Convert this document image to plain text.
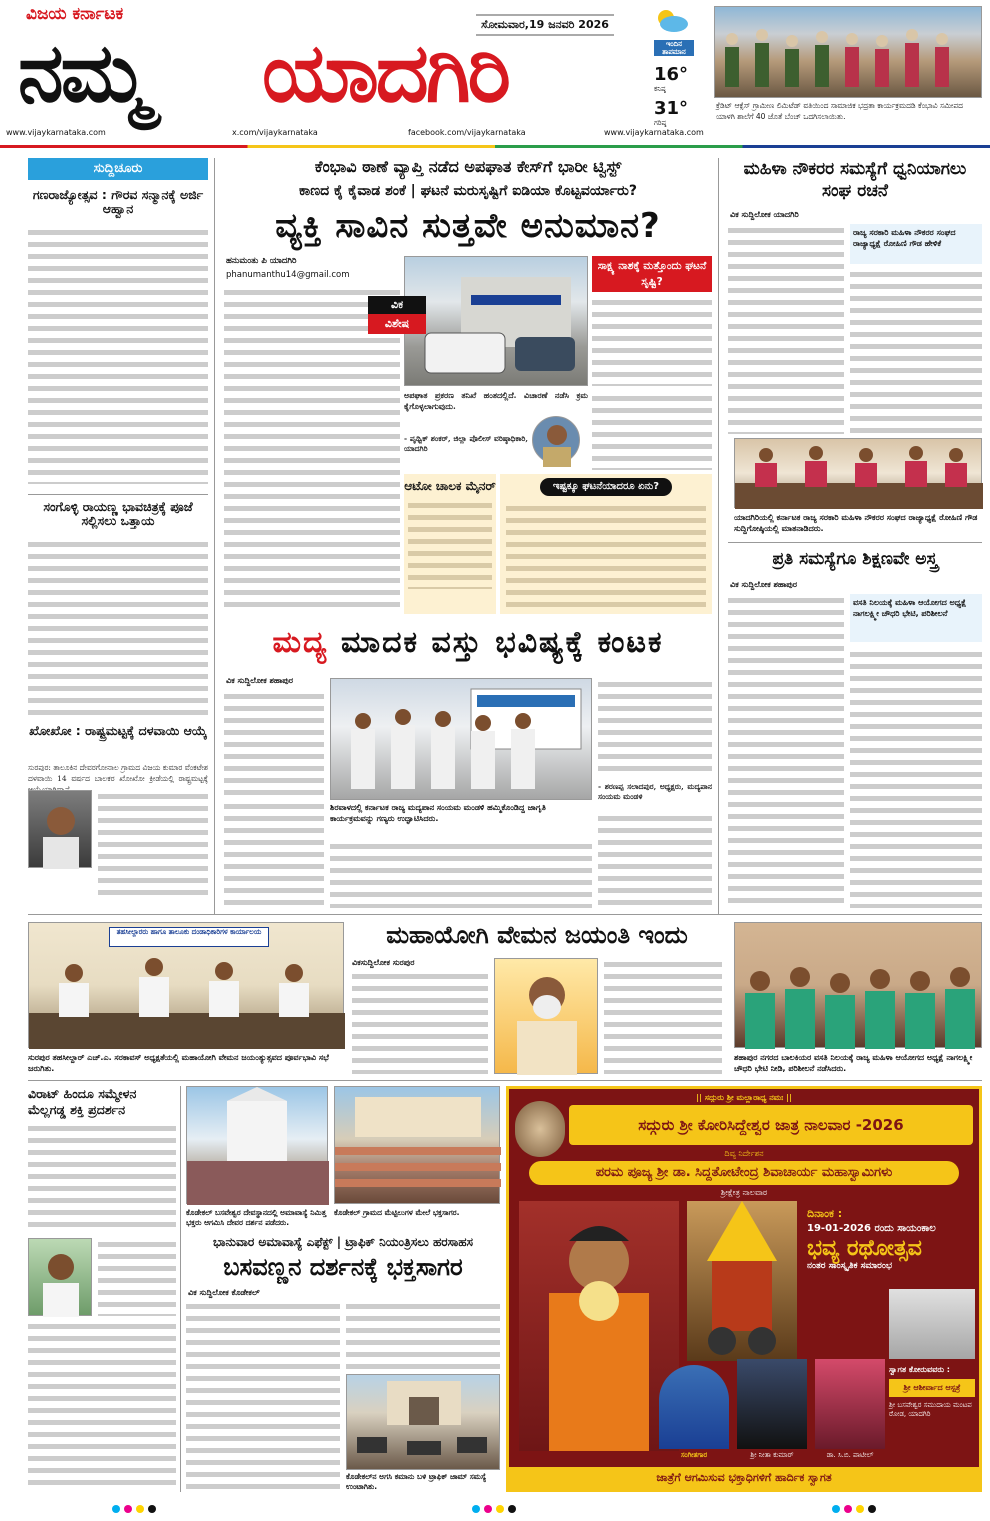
ವಿಜಯ ಕರ್ನಾಟಕ
ನಮ್ಮ ಯಾದಗಿರಿ
ಸೋಮವಾರ,19 ಜನವರಿ 2026
ಇಂದಿನ ತಾಪಮಾನ
16°
ಕನಿಷ್ಠ
31°
ಗರಿಷ್ಠ
ಕ್ರೆಡಿಟ್ ಆಕ್ಸೆಸ್ ಗ್ರಾಮೀಣ ಲಿಮಿಟೆಡ್ ವತಿಯಿಂದ ಸಾಮಾಜಿಕ ಭದ್ರತಾ ಕಾರ್ಯಕ್ರಮದಡಿ ಕೆಂಭಾವಿ ಸಮೀಪದ ಯಾಳಗಿ ಶಾಲೆಗೆ 40 ಜೊತೆ ಬೆಂಚ್ ಒದಗಿಸಲಾಯಿತು.
www.vijaykarnataka.com	x.com/vijaykarnataka	facebook.com/vijaykarnataka	www.vijaykarnataka.com
ಸುದ್ದಿಚೂರು
ಗಣರಾಜ್ಯೋತ್ಸವ : ಗೌರವ ಸನ್ಮಾನಕ್ಕೆ ಅರ್ಜಿ ಆಹ್ವಾನ
ಸಂಗೊಳ್ಳಿ ರಾಯಣ್ಣ ಭಾವಚಿತ್ರಕ್ಕೆ ಪೂಜೆ ಸಲ್ಲಿಸಲು ಒತ್ತಾಯ
ಖೋಖೋ : ರಾಷ್ಟ್ರಮಟ್ಟಕ್ಕೆ ದಳವಾಯಿ ಆಯ್ಕೆ
ಸುರಪುರ: ತಾಲೂಕಿನ ದೇವರಗೋನಾಲ ಗ್ರಾಮದ ವಿಜಯ ಕುಮಾರ ವೆಂಕಟೇಶ ದಳವಾಯಿ 14 ವರ್ಷದ ಬಾಲಕರ ಖೋಖೋ ಕ್ರೀಡೆಯಲ್ಲಿ ರಾಷ್ಟ್ರಮಟ್ಟಕ್ಕೆ
ಕೆಂಭಾವಿ ಠಾಣೆ ವ್ಯಾಪ್ತಿ ನಡೆದ ಅಪಘಾತ ಕೇಸ್‌ಗೆ ಭಾರೀ ಟ್ವಿಸ್ಟ್
ಕಾಣದ ಕೈ ಕೈವಾಡ ಶಂಕೆ | ಘಟನೆ ಮರುಸೃಷ್ಟಿಗೆ ಐಡಿಯಾ ಕೊಟ್ಟವರ್ಯಾರು?
ವ್ಯಕ್ತಿ ಸಾವಿನ ಸುತ್ತವೇ ಅನುಮಾನ?
ಹನುಮಂತು ಪಿ ಯಾದಗಿರಿ
phanumanthu14@gmail.com
ವಿಕ
ವಿಶೇಷ
ಸಾಕ್ಷ್ಯ ನಾಶಕ್ಕೆ ಮತ್ತೊಂದು ಘಟನೆ ಸೃಷ್ಟಿ?
ಅಪಘಾತ ಪ್ರಕರಣ ತನಿಖೆ ಹಂತದಲ್ಲಿದೆ. ವಿಚಾರಣೆ ನಡೆಸಿ ಕ್ರಮ ಕೈಗೊಳ್ಳಲಾಗುವುದು.
- ಪೃಥ್ವಿಕ್ ಶಂಕರ್, ಜಿಲ್ಲಾ ಪೊಲೀಸ್ ವರಿಷ್ಠಾಧಿಕಾರಿ, ಯಾದಗಿರಿ
ಆಟೋ ಚಾಲಕ ಮೈನರ್	ಇಷ್ಟಕ್ಕೂ ಘಟನೆಯಾದರೂ ಏನು?
ಮದ್ಯ ಮಾದಕ ವಸ್ತು ಭವಿಷ್ಯಕ್ಕೆ ಕಂಟಕ
ವಿಕ ಸುದ್ದಿಲೋಕ ಶಹಾಪುರ
- ಶರಣಪ್ಪ ಸಲಾದಪುರ, ಅಧ್ಯಕ್ಷರು, ಮದ್ಯಪಾನ ಸಂಯಮ ಮಂಡಳಿ
ಶಿರವಾಳದಲ್ಲಿ ಕರ್ನಾಟಕ ರಾಜ್ಯ ಮದ್ಯಪಾನ ಸಂಯಮ ಮಂಡಳಿ ಹಮ್ಮಿಕೊಂಡಿದ್ದ ಜಾಗೃತಿ ಕಾರ್ಯಕ್ರಮವನ್ನು ಗಣ್ಯರು ಉದ್ಘಾಟಿಸಿದರು.
ಮಹಿಳಾ ನೌಕರರ ಸಮಸ್ಯೆಗೆ ಧ್ವನಿಯಾಗಲು ಸಂಘ ರಚನೆ
ವಿಕ ಸುದ್ದಿಲೋಕ ಯಾದಗಿರಿ
ರಾಜ್ಯ ಸರಕಾರಿ ಮಹಿಳಾ ನೌಕರರ ಸಂಘದ ರಾಜ್ಯಾಧ್ಯಕ್ಷೆ ರೋಹಿಣಿ ಗೌಡ ಹೇಳಿಕೆ
ಯಾದಗಿರಿಯಲ್ಲಿ ಕರ್ನಾಟಕ ರಾಜ್ಯ ಸರಕಾರಿ ಮಹಿಳಾ ನೌಕರರ ಸಂಘದ ರಾಜ್ಯಾಧ್ಯಕ್ಷೆ ರೋಹಿಣಿ ಗೌಡ ಸುದ್ದಿಗೋಷ್ಠಿಯಲ್ಲಿ ಮಾತನಾಡಿದರು.
ಪ್ರತಿ ಸಮಸ್ಯೆಗೂ ಶಿಕ್ಷಣವೇ ಅಸ್ತ್ರ
ವಿಕ ಸುದ್ದಿಲೋಕ ಶಹಾಪುರ
ವಸತಿ ನಿಲಯಕ್ಕೆ ಮಹಿಳಾ ಆಯೋಗದ ಅಧ್ಯಕ್ಷೆ ನಾಗಲಕ್ಷ್ಮೀ ಚೌಧರಿ ಭೇಟಿ, ಪರಿಶೀಲನೆ
ತಹಸೀಲ್ದಾರರು ಹಾಗೂ ತಾಲೂಕು ದಂಡಾಧಿಕಾರಿಗಳ ಕಾರ್ಯಾಲಯ
ಸುರಪುರ ತಹಸೀಲ್ದಾರ್ ಎಚ್.ಎ. ಸರಕಾವಸ್ ಅಧ್ಯಕ್ಷತೆಯಲ್ಲಿ ಮಹಾಯೋಗಿ ವೇಮನ ಜಯಂತ್ಯುತ್ಸವದ ಪೂರ್ವಭಾವಿ ಸಭೆ ಜರುಗಿತು.
ಮಹಾಯೋಗಿ ವೇಮನ ಜಯಂತಿ ಇಂದು
ವಿಕಸುದ್ದಿಲೋಕ ಸುರಪುರ
ಶಹಾಪುರ ನಗರದ ಬಾಲಕಿಯರ ವಸತಿ ನಿಲಯಕ್ಕೆ ರಾಜ್ಯ ಮಹಿಳಾ ಆಯೋಗದ ಅಧ್ಯಕ್ಷೆ ನಾಗಲಕ್ಷ್ಮೀ ಚೌಧರಿ ಭೇಟಿ ನೀಡಿ, ಪರಿಶೀಲನೆ ನಡೆಸಿದರು.
ವಿರಾಟ್ ಹಿಂದೂ ಸಮ್ಮೇಳನ ಮೆಲ್ಲಗಡ್ಡ ಶಕ್ತಿ ಪ್ರದರ್ಶನ
ಕೊಡೇಕಲ್ ಬಸವೇಶ್ವರ ದೇವಸ್ಥಾನದಲ್ಲಿ ಅಮಾವಾಸ್ಯೆ ನಿಮಿತ್ತ ಭಕ್ತರು ಆಗಮಿಸಿ ದೇವರ ದರ್ಶನ ಪಡೆದರು.
ಕೊಡೇಕಲ್ ಗ್ರಾಮದ ಮೆಟ್ಟಿಲುಗಳ ಮೇಲೆ ಭಕ್ತಸಾಗರ.
ಭಾನುವಾರ ಅಮಾವಾಸ್ಯೆ ಎಫೆಕ್ಟ್ | ಟ್ರಾಫಿಕ್ ನಿಯಂತ್ರಿಸಲು ಹರಸಾಹಸ
ಬಸವಣ್ಣನ ದರ್ಶನಕ್ಕೆ ಭಕ್ತಸಾಗರ
ವಿಕ ಸುದ್ದಿಲೋಕ ಕೊಡೇಕಲ್
ಕೊಡೇಕಲ್‌ನ ಅಗಸಿ ಕಮಾನು ಬಳಿ ಟ್ರಾಫಿಕ್ ಜಾಮ್ ಸಮಸ್ಯೆ ಉಂಟಾಗಿತು.
|| ಸದ್ಗುರು ಶ್ರೀ ಮಲ್ಲಾರಾಧ್ಯ ನಮಃ ||
ಸದ್ಗುರು ಶ್ರೀ ಕೋರಿಸಿದ್ದೇಶ್ವರ ಜಾತ್ರ ನಾಲವಾರ -2026
ದಿವ್ಯ ನಿರ್ದೇಶನ
ಪರಮ ಪೂಜ್ಯ ಶ್ರೀ ಡಾ. ಸಿದ್ದತೋಟೇಂದ್ರ ಶಿವಾಚಾರ್ಯ ಮಹಾಸ್ವಾಮಿಗಳು
ಶ್ರೀಕ್ಷೇತ್ರ ನಾಲವಾರ
ದಿನಾಂಕ :
19-01-2026 ರಂದು ಸಾಯಂಕಾಲ
ಭವ್ಯ ರಥೋತ್ಸವ
ನಂತರ ಸಾಂಸ್ಕೃತಿಕ ಸಮಾರಂಭ
ಸಂಗೀತಗಾರ	ಶ್ರೀ ನೀತಾ ಕುಮಾರ್	ಡಾ. ಸಿ.ಬಿ. ಪಾಟೀಲ್
ಸ್ವಾಗತ ಕೋರುವವರು :
ಶ್ರೀ ಆಶೀರ್ವಾದ ಆಸ್ಪತ್ರೆ
ಶ್ರೀ ಬಸವೇಶ್ವರ ಸಮುದಾಯ ಮಂಟಪ ರೋಡ, ಯಾದಗಿರಿ
ಜಾತ್ರೆಗೆ ಆಗಮಿಸುವ ಭಕ್ತಾಧಿಗಳಿಗೆ ಹಾರ್ದಿಕ ಸ್ವಾಗತ
